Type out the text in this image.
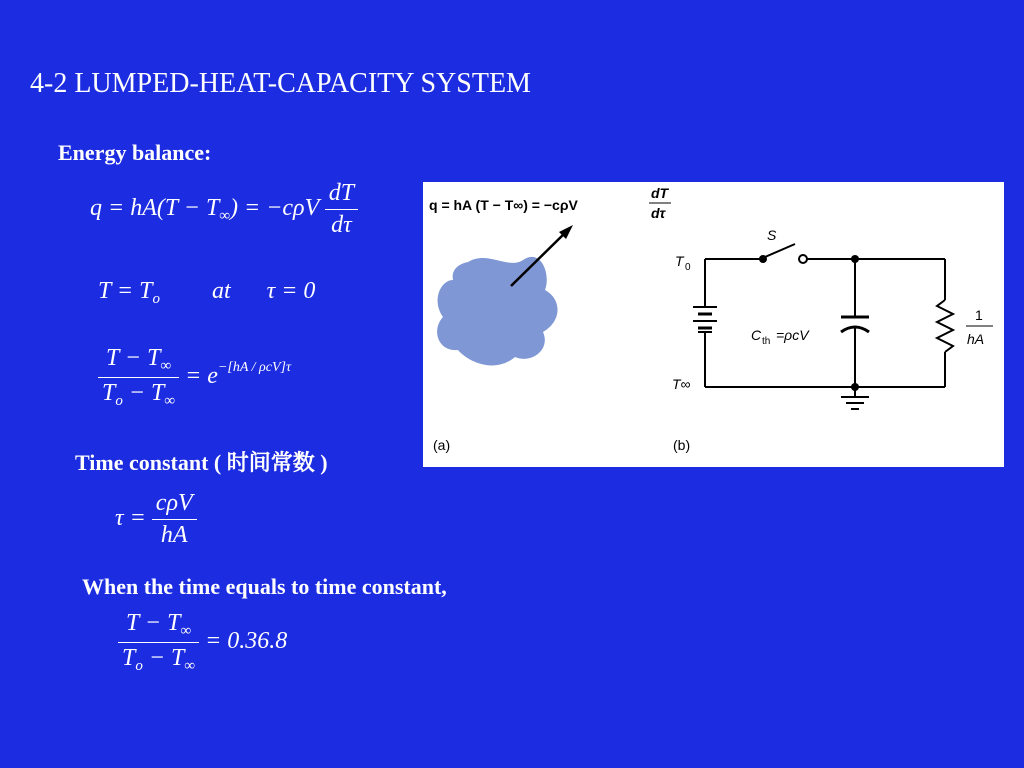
4-2 LUMPED-HEAT-CAPACITY SYSTEM
Energy balance:
$q = hA(T - T_\infty) = -c\rho V \frac{dT}{d\tau}$
$T = T_o$ at τ = 0
$\frac{T - T_\infty}{T_o - T_\infty} = e^{-[hA / \rho cV]\tau}$
Time constant ( 时间常数 )
$\tau = \frac{\text{cρV}}{hA}$
When the time equals to time constant,
$\frac{T - T_\infty}{T_o - T_\infty} = 0.36.8$
q = hA (T − T∞) = −cρV
dT
dτ
S
T 0
C th =ρcV
1
hA
T∞
(a)	(b)
